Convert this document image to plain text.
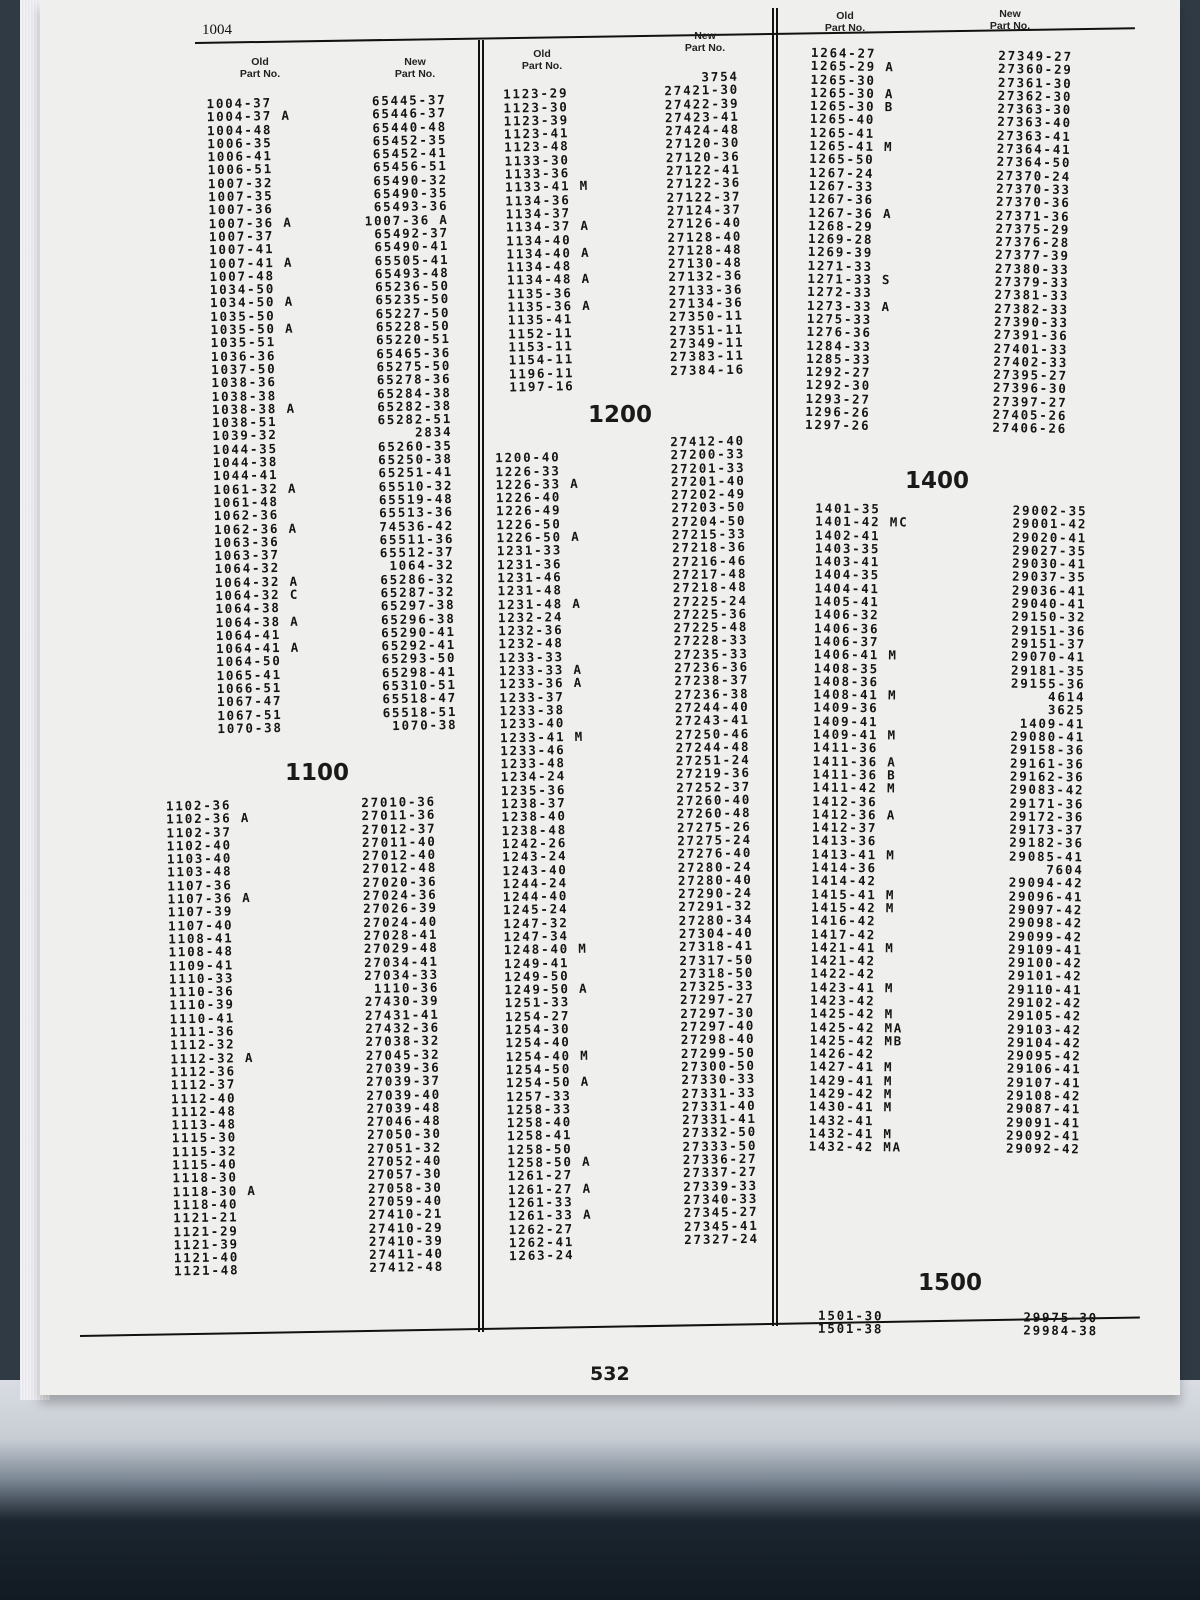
1004
Old
Part No.
New
Part No.
Old
Part No.
New
Part No.
Old
Part No.
New
Part No.
1004-37	65445-37
1004-37 A	65446-37
1004-48	65440-48
1006-35	65452-35
1006-41	65452-41
1006-51	65456-51
1007-32	65490-32
1007-35	65490-35
1007-36	65493-36
1007-36 A	1007-36 A
1007-37	65492-37
1007-41	65490-41
1007-41 A	65505-41
1007-48	65493-48
1034-50	65236-50
1034-50 A	65235-50
1035-50	65227-50
1035-50 A	65228-50
1035-51	65220-51
1036-36	65465-36
1037-50	65275-50
1038-36	65278-36
1038-38	65284-38
1038-38 A	65282-38
1038-51	65282-51
1039-32	2834
1044-35	65260-35
1044-38	65250-38
1044-41	65251-41
1061-32 A	65510-32
1061-48	65519-48
1062-36	65513-36
1062-36 A	74536-42
1063-36	65511-36
1063-37	65512-37
1064-32	1064-32
1064-32 A	65286-32
1064-32 C	65287-32
1064-38	65297-38
1064-38 A	65296-38
1064-41	65290-41
1064-41 A	65292-41
1064-50	65293-50
1065-41	65298-41
1066-51	65310-51
1067-47	65518-47
1067-51	65518-51
1070-38	1070-38
1100
1102-36	27010-36
1102-36 A	27011-36
1102-37	27012-37
1102-40	27011-40
1103-40	27012-40
1103-48	27012-48
1107-36	27020-36
1107-36 A	27024-36
1107-39	27026-39
1107-40	27024-40
1108-41	27028-41
1108-48	27029-48
1109-41	27034-41
1110-33	27034-33
1110-36	1110-36
1110-39	27430-39
1110-41	27431-41
1111-36	27432-36
1112-32	27038-32
1112-32 A	27045-32
1112-36	27039-36
1112-37	27039-37
1112-40	27039-40
1112-48	27039-48
1113-48	27046-48
1115-30	27050-30
1115-32	27051-32
1115-40	27052-40
1118-30	27057-30
1118-30 A	27058-30
1118-40	27059-40
1121-21	27410-21
1121-29	27410-29
1121-39	27410-39
1121-40	27411-40
1121-48	27412-48
3754
1123-29	27421-30
1123-30	27422-39
1123-39	27423-41
1123-41	27424-48
1123-48	27120-30
1133-30	27120-36
1133-36	27122-41
1133-41 M	27122-36
1134-36	27122-37
1134-37	27124-37
1134-37 A	27126-40
1134-40	27128-40
1134-40 A	27128-48
1134-48	27130-48
1134-48 A	27132-36
1135-36	27133-36
1135-36 A	27134-36
1135-41	27350-11
1152-11	27351-11
1153-11	27349-11
1154-11	27383-11
1196-11	27384-16
1197-16
1200
27412-40
1200-40	27200-33
1226-33	27201-33
1226-33 A	27201-40
1226-40	27202-49
1226-49	27203-50
1226-50	27204-50
1226-50 A	27215-33
1231-33	27218-36
1231-36	27216-46
1231-46	27217-48
1231-48	27218-48
1231-48 A	27225-24
1232-24	27225-36
1232-36	27225-48
1232-48	27228-33
1233-33	27235-33
1233-33 A	27236-36
1233-36 A	27238-37
1233-37	27236-38
1233-38	27244-40
1233-40	27243-41
1233-41 M	27250-46
1233-46	27244-48
1233-48	27251-24
1234-24	27219-36
1235-36	27252-37
1238-37	27260-40
1238-40	27260-48
1238-48	27275-26
1242-26	27275-24
1243-24	27276-40
1243-40	27280-24
1244-24	27280-40
1244-40	27290-24
1245-24	27291-32
1247-32	27280-34
1247-34	27304-40
1248-40 M	27318-41
1249-41	27317-50
1249-50	27318-50
1249-50 A	27325-33
1251-33	27297-27
1254-27	27297-30
1254-30	27297-40
1254-40	27298-40
1254-40 M	27299-50
1254-50	27300-50
1254-50 A	27330-33
1257-33	27331-33
1258-33	27331-40
1258-40	27331-41
1258-41	27332-50
1258-50	27333-50
1258-50 A	27336-27
1261-27	27337-27
1261-27 A	27339-33
1261-33	27340-33
1261-33 A	27345-27
1262-27	27345-41
1262-41	27327-24
1263-24
1264-27	27349-27
1265-29 A	27360-29
1265-30	27361-30
1265-30 A	27362-30
1265-30 B	27363-30
1265-40	27363-40
1265-41	27363-41
1265-41 M	27364-41
1265-50	27364-50
1267-24	27370-24
1267-33	27370-33
1267-36	27370-36
1267-36 A	27371-36
1268-29	27375-29
1269-28	27376-28
1269-39	27377-39
1271-33	27380-33
1271-33 S	27379-33
1272-33	27381-33
1273-33 A	27382-33
1275-33	27390-33
1276-36	27391-36
1284-33	27401-33
1285-33	27402-33
1292-27	27395-27
1292-30	27396-30
1293-27	27397-27
1296-26	27405-26
1297-26	27406-26
1400
1401-35	29002-35
1401-42 MC	29001-42
1402-41	29020-41
1403-35	29027-35
1403-41	29030-41
1404-35	29037-35
1404-41	29036-41
1405-41	29040-41
1406-32	29150-32
1406-36	29151-36
1406-37	29151-37
1406-41 M	29070-41
1408-35	29181-35
1408-36	29155-36
1408-41 M	4614
1409-36	3625
1409-41	1409-41
1409-41 M	29080-41
1411-36	29158-36
1411-36 A	29161-36
1411-36 B	29162-36
1411-42 M	29083-42
1412-36	29171-36
1412-36 A	29172-36
1412-37	29173-37
1413-36	29182-36
1413-41 M	29085-41
1414-36	7604
1414-42	29094-42
1415-41 M	29096-41
1415-42 M	29097-42
1416-42	29098-42
1417-42	29099-42
1421-41 M	29109-41
1421-42	29100-42
1422-42	29101-42
1423-41 M	29110-41
1423-42	29102-42
1425-42 M	29105-42
1425-42 MA	29103-42
1425-42 MB	29104-42
1426-42	29095-42
1427-41 M	29106-41
1429-41 M	29107-41
1429-42 M	29108-42
1430-41 M	29087-41
1432-41	29091-41
1432-41 M	29092-41
1432-42 MA	29092-42
1500
1501-30	29975-30
1501-38	29984-38
532
